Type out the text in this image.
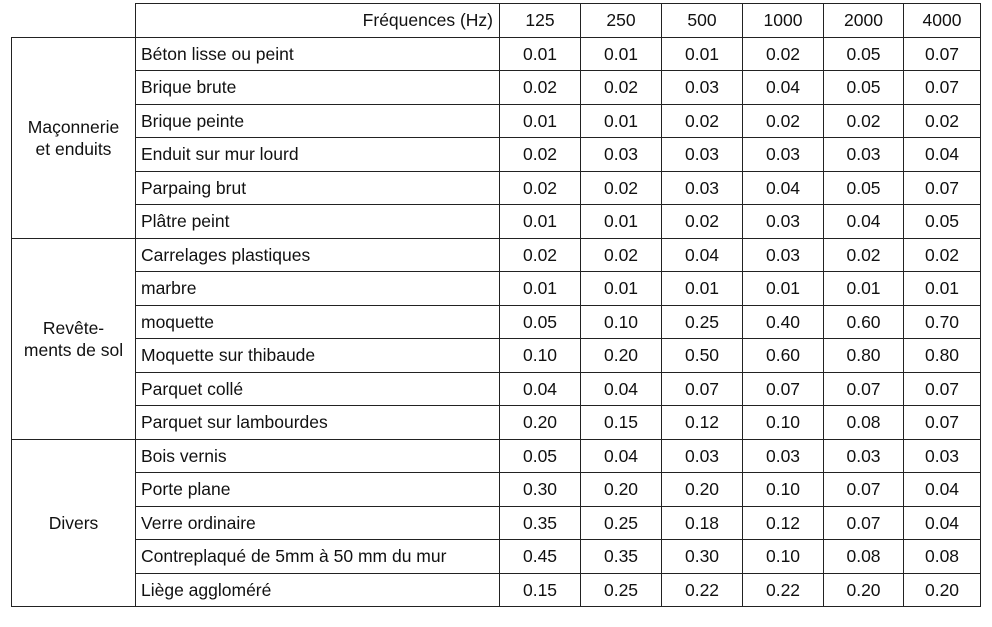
	Fréquences (Hz)	125	250	500	1000	2000	4000

Maçonnerie
et enduits	Béton lisse ou peint	0.01	0.01	0.01	0.02	0.05	0.07
	Brique brute	0.02	0.02	0.03	0.04	0.05	0.07
	Brique peinte	0.01	0.01	0.02	0.02	0.02	0.02
	Enduit sur mur lourd	0.02	0.03	0.03	0.03	0.03	0.04
	Parpaing brut	0.02	0.02	0.03	0.04	0.05	0.07
	Plâtre peint	0.01	0.01	0.02	0.03	0.04	0.05

Revête-
ments de sol	Carrelages plastiques	0.02	0.02	0.04	0.03	0.02	0.02
	marbre	0.01	0.01	0.01	0.01	0.01	0.01
	moquette	0.05	0.10	0.25	0.40	0.60	0.70
	Moquette sur thibaude	0.10	0.20	0.50	0.60	0.80	0.80
	Parquet collé	0.04	0.04	0.07	0.07	0.07	0.07
	Parquet sur lambourdes	0.20	0.15	0.12	0.10	0.08	0.07

Divers	Bois vernis	0.05	0.04	0.03	0.03	0.03	0.03
	Porte plane	0.30	0.20	0.20	0.10	0.07	0.04
	Verre ordinaire	0.35	0.25	0.18	0.12	0.07	0.04
	Contreplaqué de 5mm à 50 mm du mur	0.45	0.35	0.30	0.10	0.08	0.08
	Liège aggloméré	0.15	0.25	0.22	0.22	0.20	0.20
